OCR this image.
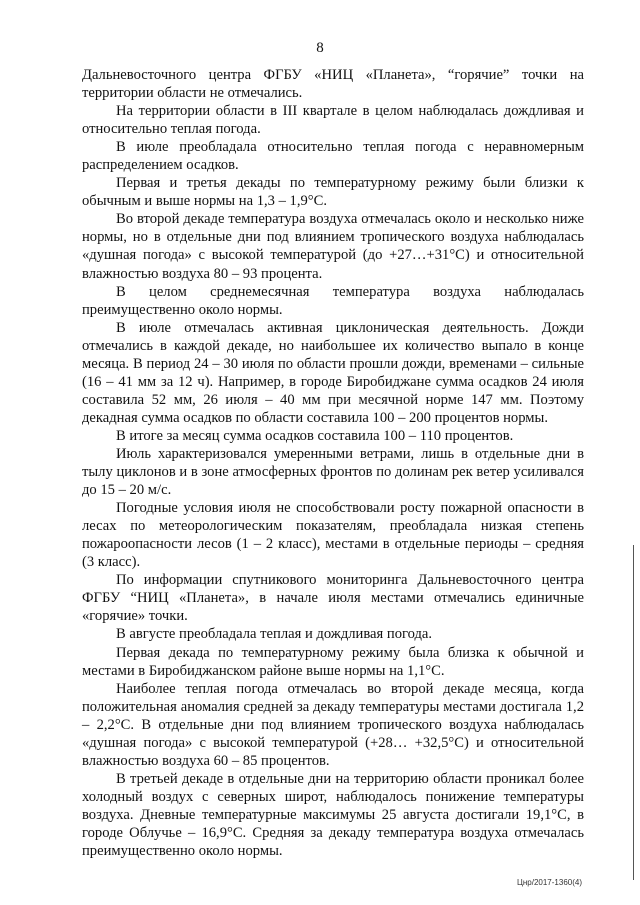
8

Дальневосточного центра ФГБУ «НИЦ «Планета», “горячие” точки на территории области не отмечались.

На территории области в III квартале в целом наблюдалась дождливая и относительно теплая погода.

В июле преобладала относительно теплая погода с неравномерным распределением осадков.

Первая и третья декады по температурному режиму были близки к обычным и выше нормы на 1,3 – 1,9°С.

Во второй декаде температура воздуха отмечалась около и несколько ниже нормы, но в отдельные дни под влиянием тропического воздуха наблюдалась «душная погода» с высокой температурой (до +27…+31°С) и относительной влажностью воздуха 80 – 93 процента.

В целом среднемесячная температура воздуха наблюдалась преимущественно около нормы.

В июле отмечалась активная циклоническая деятельность. Дожди отмечались в каждой декаде, но наибольшее их количество выпало в конце месяца. В период 24 – 30 июля по области прошли дожди, временами – сильные (16 – 41 мм за 12 ч). Например, в городе Биробиджане сумма осадков 24 июля составила 52 мм, 26 июля – 40 мм при месячной норме 147 мм. Поэтому декадная сумма осадков по области составила 100 – 200 процентов нормы.

В итоге за месяц сумма осадков составила 100 – 110 процентов.

Июль характеризовался умеренными ветрами, лишь в отдельные дни в тылу циклонов и в зоне атмосферных фронтов по долинам рек ветер усиливался до 15 – 20 м/с.

Погодные условия июля не способствовали росту пожарной опасности в лесах по метеорологическим показателям, преобладала низкая степень пожароопасности лесов (1 – 2 класс), местами в отдельные периоды – средняя (3 класс).

По информации спутникового мониторинга Дальневосточного центра ФГБУ “НИЦ «Планета», в начале июля местами отмечались единичные «горячие» точки.

В августе преобладала теплая и дождливая погода.

Первая декада по температурному режиму была близка к обычной и местами в Биробиджанском районе выше нормы на 1,1°С.

Наиболее теплая погода отмечалась во второй декаде месяца, когда положительная аномалия средней за декаду температуры местами достигала 1,2 – 2,2°С. В отдельные дни под влиянием тропического воздуха наблюдалась «душная погода» с высокой температурой (+28… +32,5°С) и относительной влажностью воздуха 60 – 85 процентов.

В третьей декаде в отдельные дни на территорию области проникал более холодный воздух с северных широт, наблюдалось понижение температуры воздуха. Дневные температурные максимумы 25 августа достигали 19,1°С, в городе Облучье – 16,9°С. Средняя за декаду температура воздуха отмечалась преимущественно около нормы.

Цнр/2017-1360(4)
